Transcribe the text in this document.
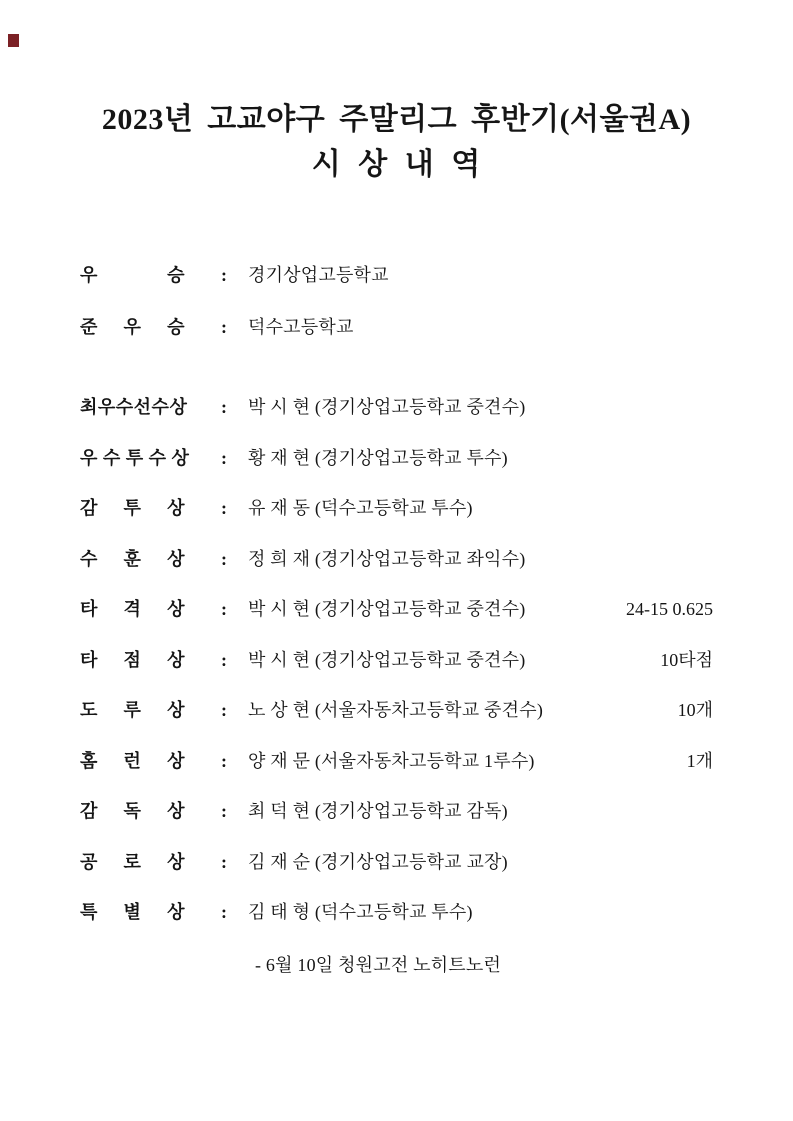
2023년 고교야구 주말리그 후반기(서울권A)
시 상 내 역
우 승 : 경기상업고등학교
준 우 승 : 덕수고등학교
최우수선수상 : 박 시 현 (경기상업고등학교 중견수)
우 수 투 수 상 : 황 재 현 (경기상업고등학교 투수)
감 투 상 : 유 재 동 (덕수고등학교 투수)
수 훈 상 : 정 희 재 (경기상업고등학교 좌익수)
타 격 상 : 박 시 현 (경기상업고등학교 중견수)	24-15 0.625
타 점 상 : 박 시 현 (경기상업고등학교 중견수)	10타점
도 루 상 : 노 상 현 (서울자동차고등학교 중견수)	10개
홈 런 상 : 양 재 문 (서울자동차고등학교 1루수)	1개
감 독 상 : 최 덕 현 (경기상업고등학교 감독)
공 로 상 : 김 재 순 (경기상업고등학교 교장)
특 별 상 : 김 태 형 (덕수고등학교 투수)
- 6월 10일 청원고전 노히트노런
